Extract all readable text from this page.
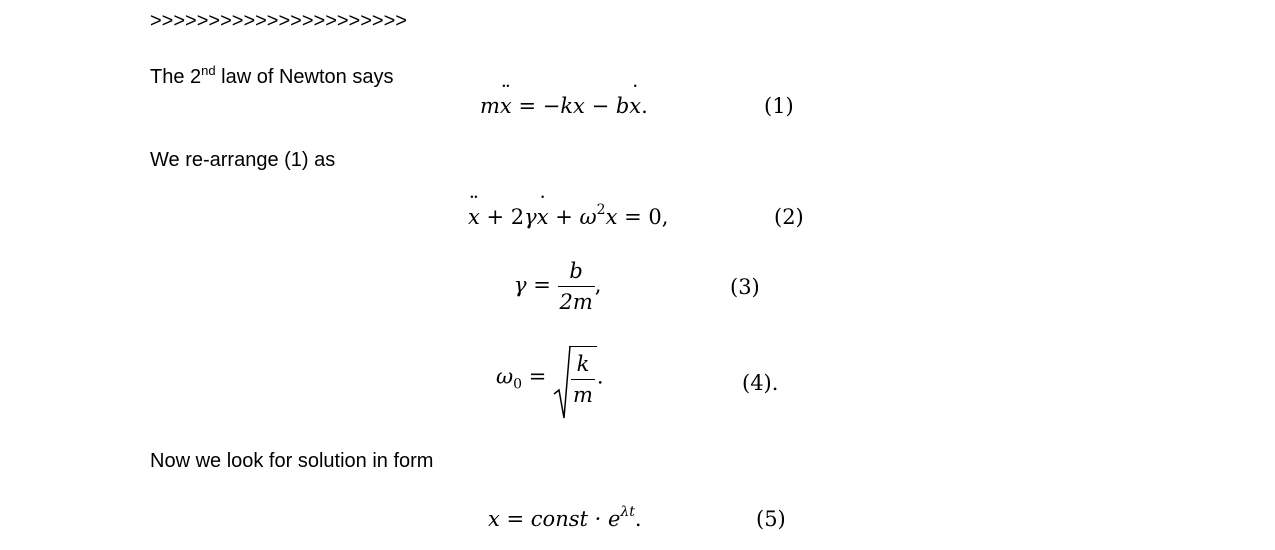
>>>>>>>>>>>>>>>>>>>>>>
The 2nd law of Newton says
mx ¨ = −kx − bx ˙.	(1)
We re-arrange (1) as
x ¨ + 2γx ˙ + $\omega^2x = 0$,	(2)
$\gamma = \frac{b}{2m}$ ,	(3)
$\omega_0 = \frac{k}{m}$ .	(4).
Now we look for solution in form
x = const · $e^{\lambda t}$.	(5)
